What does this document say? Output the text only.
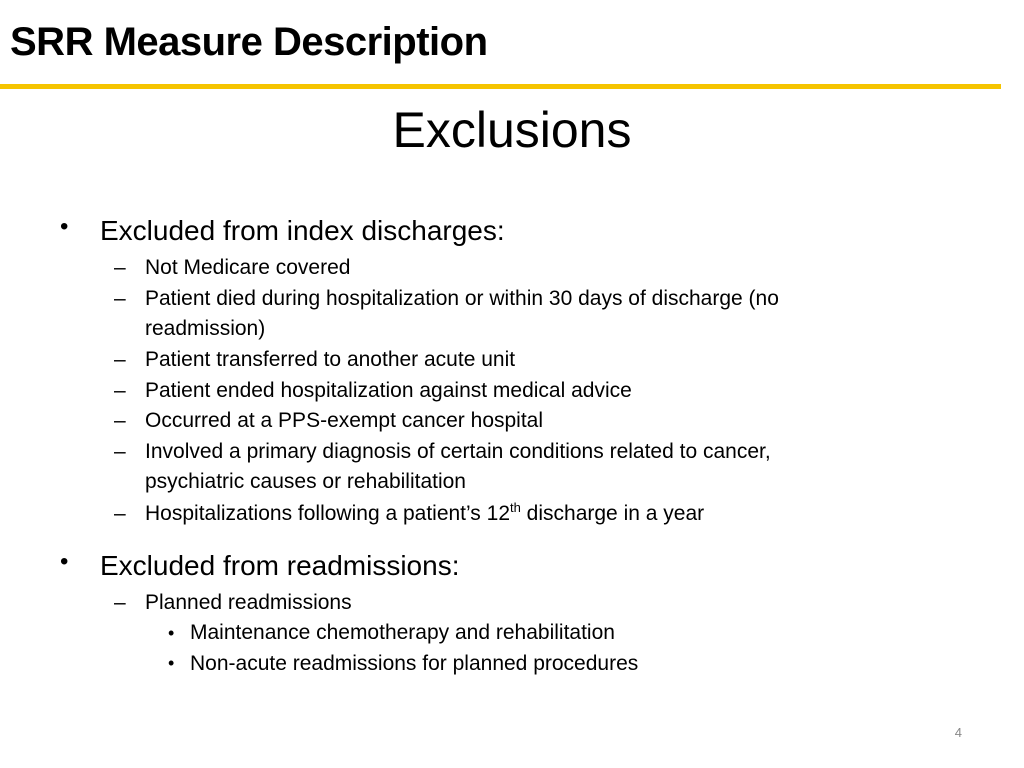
SRR Measure Description
Exclusions
• Excluded from index discharges:
– Not Medicare covered
– Patient died during hospitalization or within 30 days of discharge (no
readmission)
– Patient transferred to another acute unit
– Patient ended hospitalization against medical advice
– Occurred at a PPS-exempt cancer hospital
– Involved a primary diagnosis of certain conditions related to cancer,
psychiatric causes or rehabilitation
– Hospitalizations following a patient’s 12th discharge in a year
• Excluded from readmissions:
– Planned readmissions
• Maintenance chemotherapy and rehabilitation
• Non-acute readmissions for planned procedures
4
